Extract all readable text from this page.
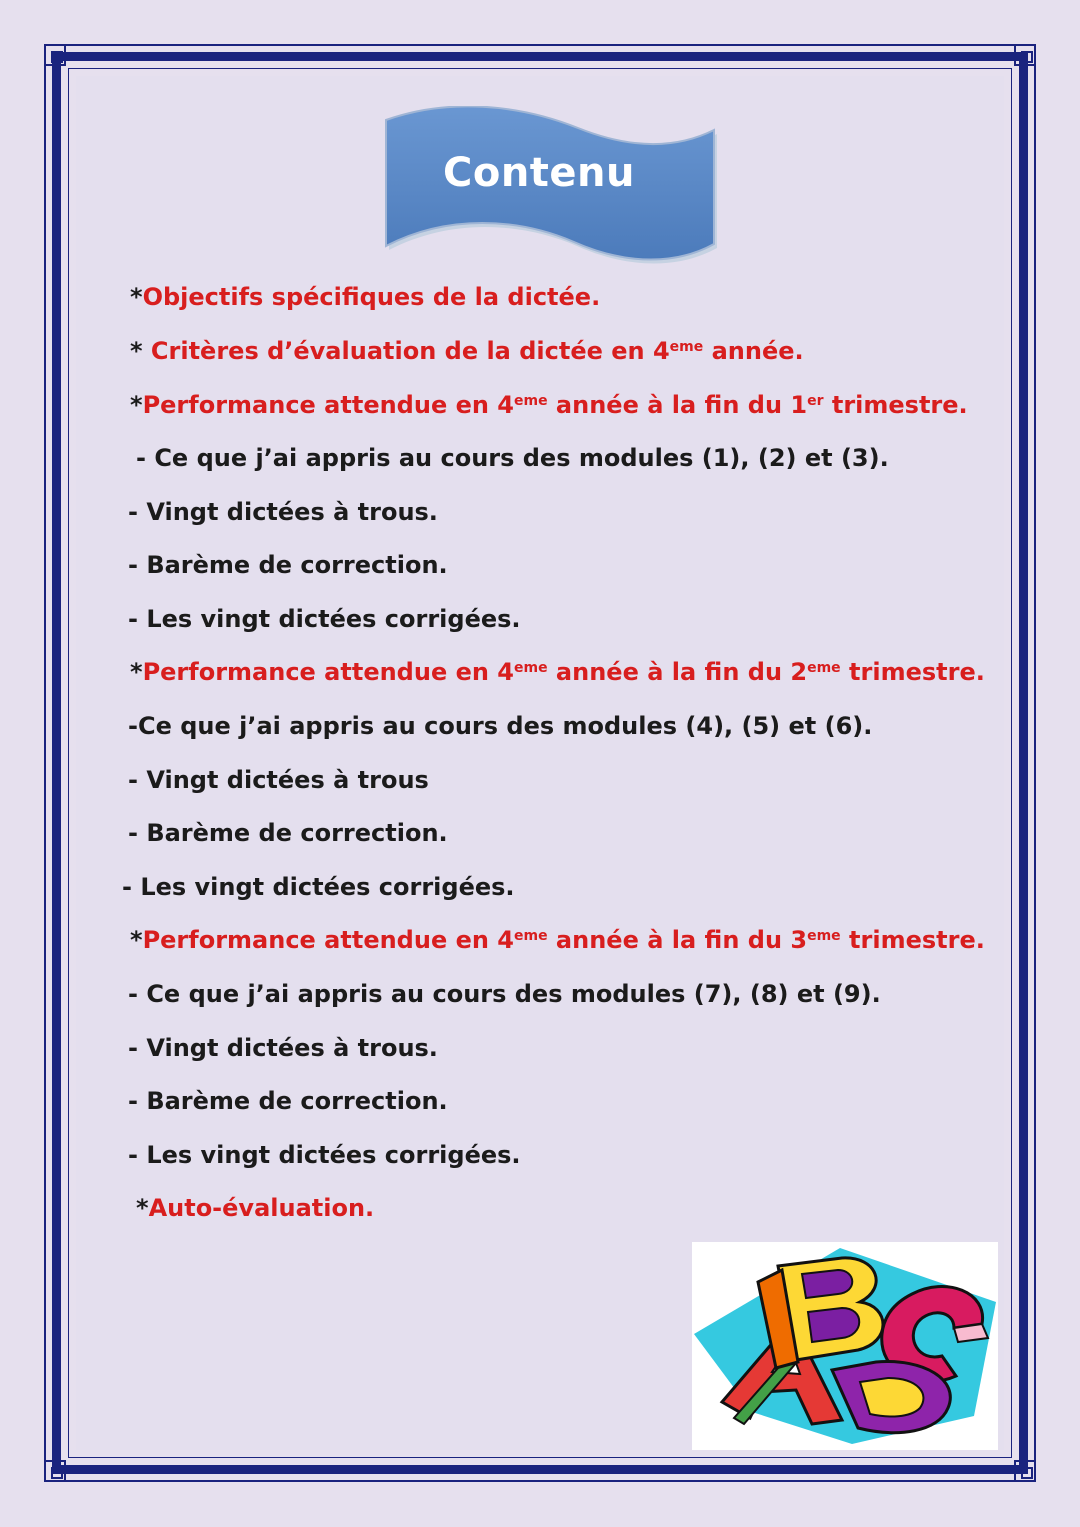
Contenu
*Objectifs spécifiques de la dictée.
* Critères d’évaluation de la dictée en 4eme année.
*Performance attendue en 4eme année à la fin du 1er trimestre.
- Ce que j’ai appris au cours des modules (1), (2) et (3).
- Vingt dictées à trous.
- Barème de correction.
- Les vingt dictées corrigées.
*Performance attendue en 4eme année à la fin du 2eme trimestre.
-Ce que j’ai appris au cours des modules (4), (5) et (6).
- Vingt dictées à trous
- Barème de correction.
- Les vingt dictées corrigées.
*Performance attendue en 4eme année à la fin du 3eme trimestre.
- Ce que j’ai appris au cours des modules (7), (8) et (9).
- Vingt dictées à trous.
- Barème de correction.
- Les vingt dictées corrigées.
*Auto-évaluation.
